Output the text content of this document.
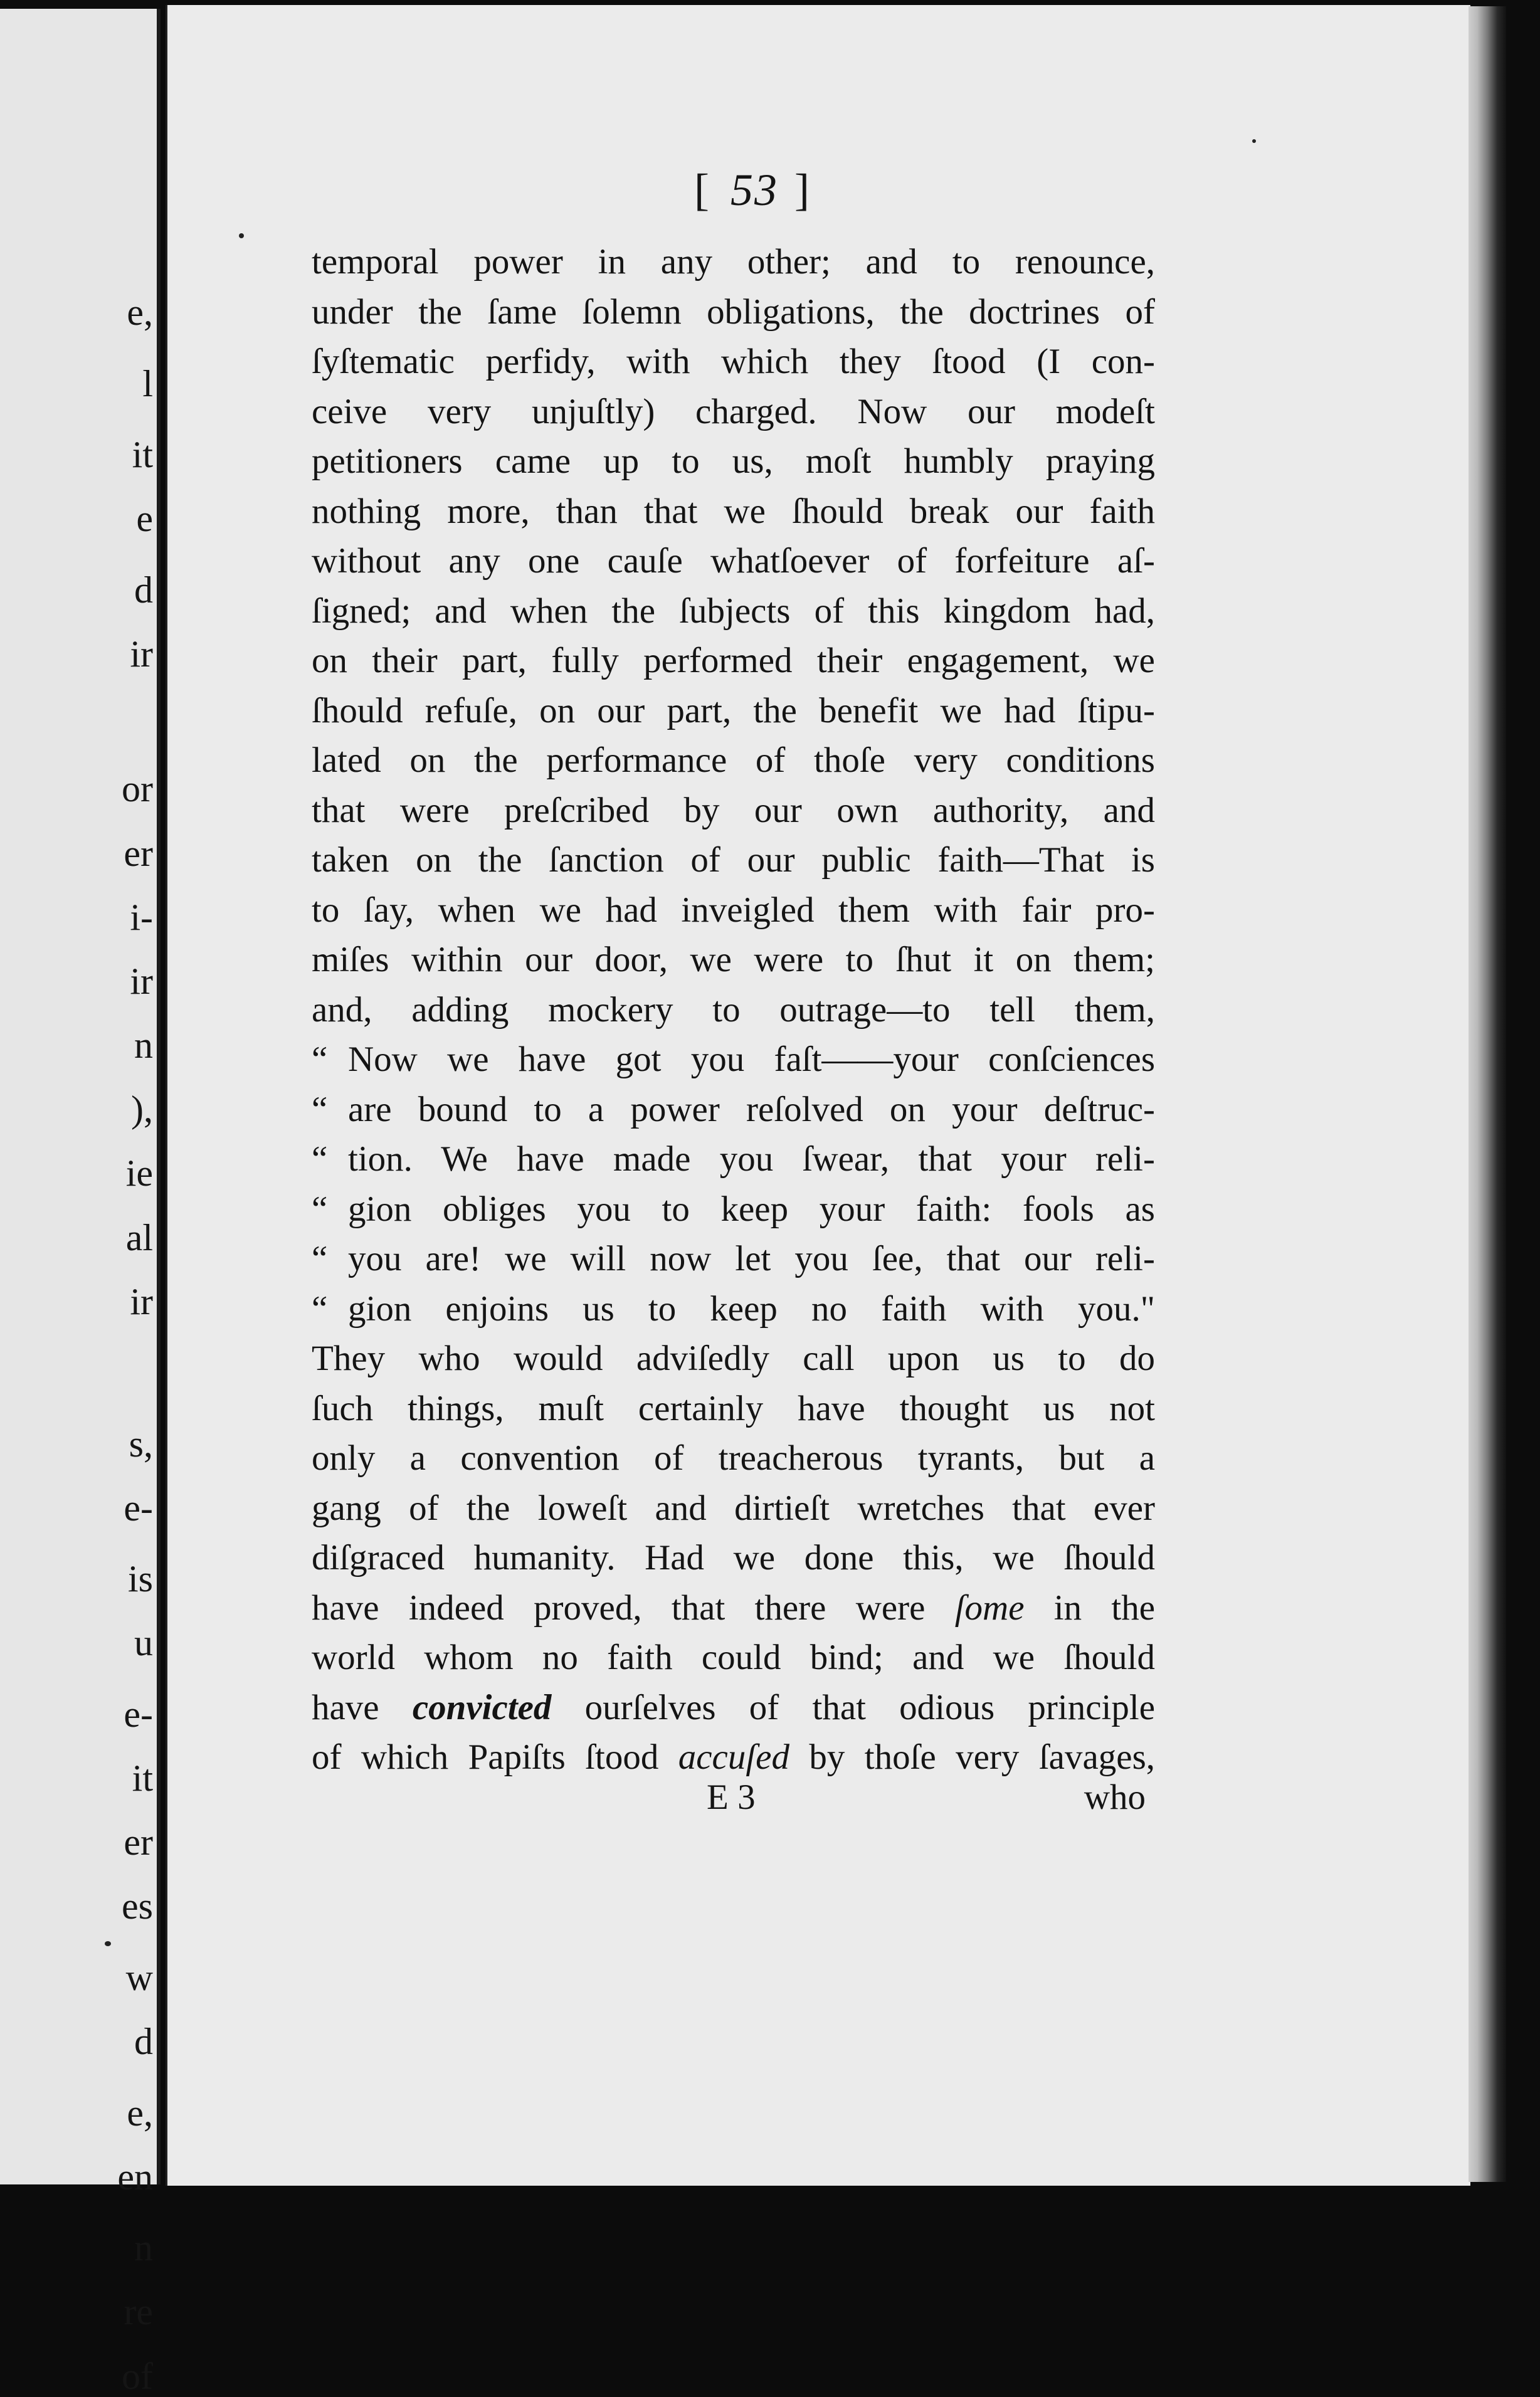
e,
l
it
e
d
ir
or
er
i-
ir
n
),
ie
al
ir
s,
e-
is
u
e-
it
er
es
w
d
e,
en
n
re
of
[ 53 ]
temporal power in any other; and to renounce,
under the ſame ſolemn obligations, the doctrines of
ſyſtematic perfidy, with which they ſtood (I con-
ceive very unjuſtly) charged. Now our modeſt
petitioners came up to us, moſt humbly praying
nothing more, than that we ſhould break our faith
without any one cauſe whatſoever of forfeiture aſ-
ſigned; and when the ſubjects of this kingdom had,
on their part, fully performed their engagement, we
ſhould refuſe, on our part, the benefit we had ſtipu-
lated on the performance of thoſe very conditions
that were preſcribed by our own authority, and
taken on the ſanction of our public faith—That is
to ſay, when we had inveigled them with fair pro-
miſes within our door, we were to ſhut it on them;
and, adding mockery to outrage—to tell them,
“ Now we have got you faſt——your conſciences
“ are bound to a power reſolved on your deſtruc-
“ tion. We have made you ſwear, that your reli-
“ gion obliges you to keep your faith: fools as
“ you are! we will now let you ſee, that our reli-
“ gion enjoins us to keep no faith with you."
They who would adviſedly call upon us to do
ſuch things, muſt certainly have thought us not
only a convention of treacherous tyrants, but a
gang of the loweſt and dirtieſt wretches that ever
diſgraced humanity. Had we done this, we ſhould
have indeed proved, that there were ſome in the
world whom no faith could bind; and we ſhould
have convicted ourſelves of that odious principle
of which Papiſts ſtood accuſed by thoſe very ſavages,
E 3	who
